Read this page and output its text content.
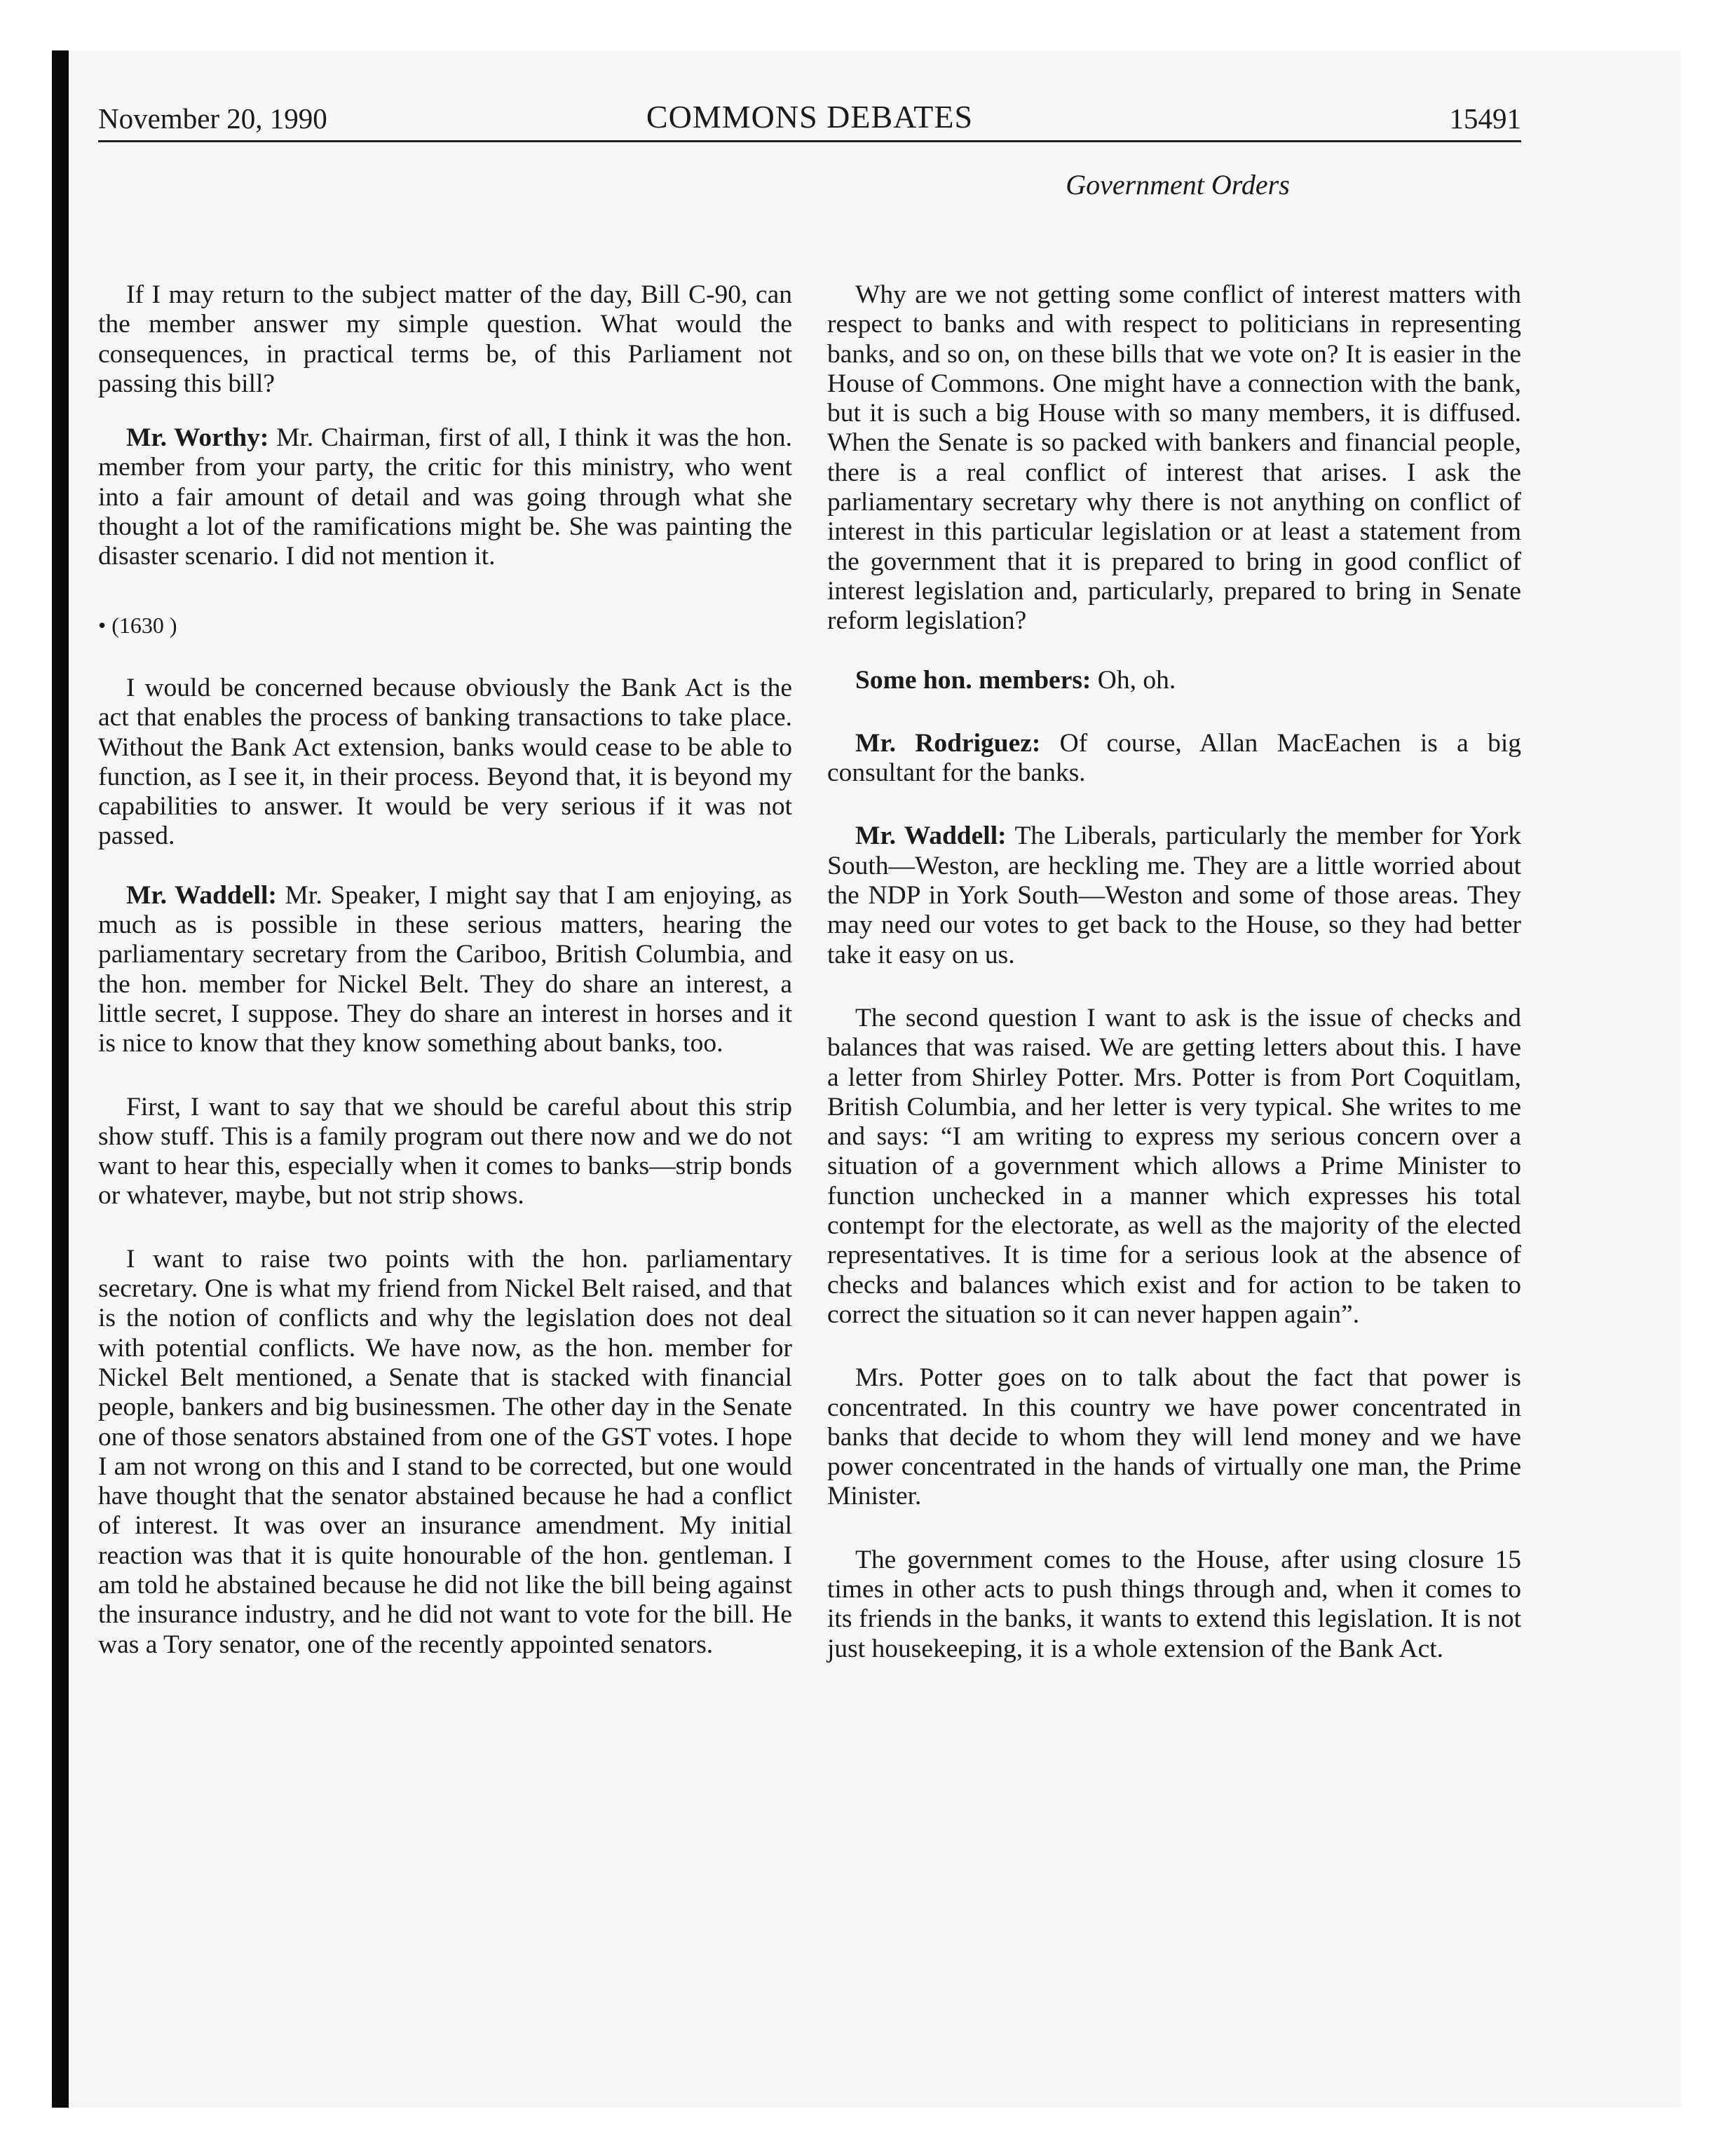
November 20, 1990	COMMONS DEBATES	15491
Government Orders

If I may return to the subject matter of the day, Bill C-90, can the member answer my simple question. What would the consequences, in practical terms be, of this Parliament not passing this bill?

Mr. Worthy: Mr. Chairman, first of all, I think it was the hon. member from your party, the critic for this ministry, who went into a fair amount of detail and was going through what she thought a lot of the ramifications might be. She was painting the disaster scenario. I did not mention it.

• (1630 )

I would be concerned because obviously the Bank Act is the act that enables the process of banking transactions to take place. Without the Bank Act extension, banks would cease to be able to function, as I see it, in their process. Beyond that, it is beyond my capabilities to answer. It would be very serious if it was not passed.

Mr. Waddell: Mr. Speaker, I might say that I am enjoying, as much as is possible in these serious matters, hearing the parliamentary secretary from the Cariboo, British Columbia, and the hon. member for Nickel Belt. They do share an interest, a little secret, I suppose. They do share an interest in horses and it is nice to know that they know something about banks, too.

First, I want to say that we should be careful about this strip show stuff. This is a family program out there now and we do not want to hear this, especially when it comes to banks—strip bonds or whatever, maybe, but not strip shows.

I want to raise two points with the hon. parliamentary secretary. One is what my friend from Nickel Belt raised, and that is the notion of conflicts and why the legislation does not deal with potential conflicts. We have now, as the hon. member for Nickel Belt mentioned, a Senate that is stacked with financial people, bankers and big businessmen. The other day in the Senate one of those senators abstained from one of the GST votes. I hope I am not wrong on this and I stand to be corrected, but one would have thought that the senator abstained because he had a conflict of interest. It was over an insurance amendment. My initial reaction was that it is quite honourable of the hon. gentleman. I am told he abstained because he did not like the bill being against the insurance industry, and he did not want to vote for the bill. He was a Tory senator, one of the recently appointed senators.

Why are we not getting some conflict of interest matters with respect to banks and with respect to politicians in representing banks, and so on, on these bills that we vote on? It is easier in the House of Commons. One might have a connection with the bank, but it is such a big House with so many members, it is diffused. When the Senate is so packed with bankers and financial people, there is a real conflict of interest that arises. I ask the parliamentary secretary why there is not anything on conflict of interest in this particular legislation or at least a statement from the government that it is prepared to bring in good conflict of interest legislation and, particularly, prepared to bring in Senate reform legislation?

Some hon. members: Oh, oh.

Mr. Rodriguez: Of course, Allan MacEachen is a big consultant for the banks.

Mr. Waddell: The Liberals, particularly the member for York South—Weston, are heckling me. They are a little worried about the NDP in York South—Weston and some of those areas. They may need our votes to get back to the House, so they had better take it easy on us.

The second question I want to ask is the issue of checks and balances that was raised. We are getting letters about this. I have a letter from Shirley Potter. Mrs. Potter is from Port Coquitlam, British Columbia, and her letter is very typical. She writes to me and says: “I am writing to express my serious concern over a situation of a government which allows a Prime Minister to function unchecked in a manner which expresses his total contempt for the electorate, as well as the majority of the elected representatives. It is time for a serious look at the absence of checks and balances which exist and for action to be taken to correct the situation so it can never happen again”.

Mrs. Potter goes on to talk about the fact that power is concentrated. In this country we have power concentrated in banks that decide to whom they will lend money and we have power concentrated in the hands of virtually one man, the Prime Minister.

The government comes to the House, after using closure 15 times in other acts to push things through and, when it comes to its friends in the banks, it wants to extend this legislation. It is not just housekeeping, it is a whole extension of the Bank Act.
